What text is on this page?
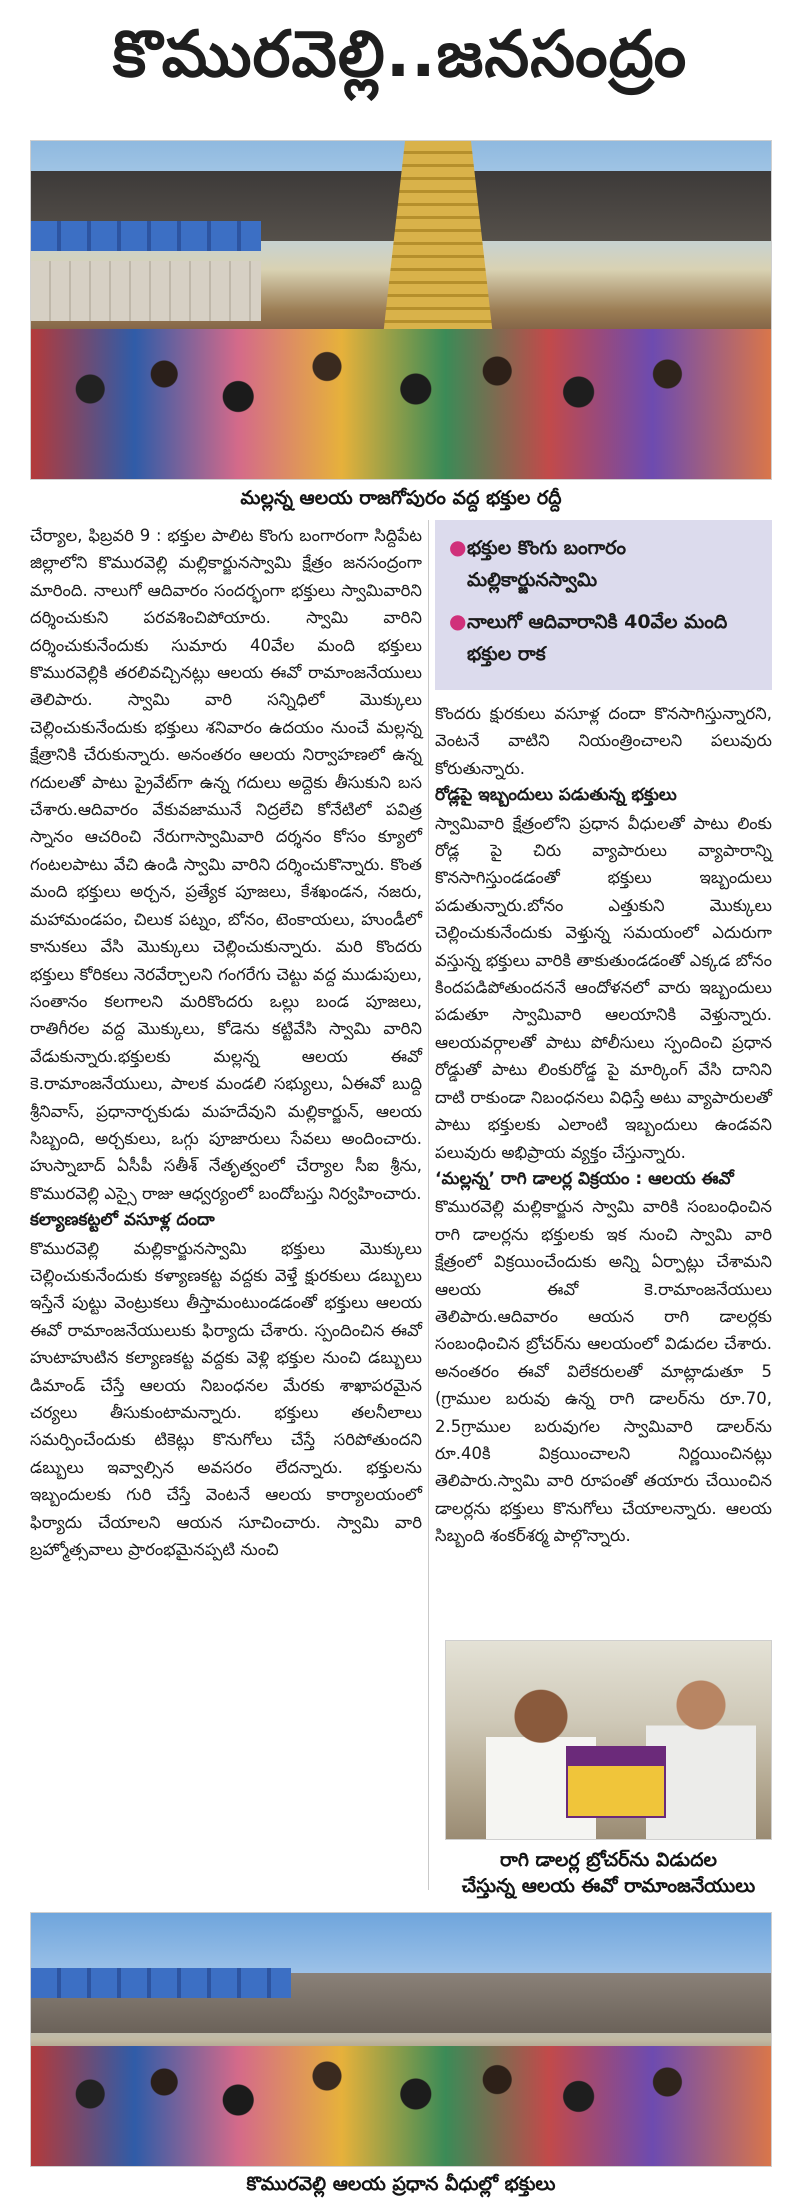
కొమురవెల్లి..జనసంద్రం
మల్లన్న ఆలయ రాజగోపురం వద్ద భక్తుల రద్దీ

చేర్యాల, ఫిబ్రవరి 9 : భక్తుల పాలిట కొంగు బంగారంగా సిద్దిపేట జిల్లాలోని కొమురవెల్లి మల్లికార్జునస్వామి క్షేత్రం జనసంద్రంగా మారింది. నాలుగో ఆదివారం సందర్భంగా భక్తులు స్వామివారిని దర్శించుకుని పరవశించిపోయారు. స్వామి వారిని దర్శించుకునేందుకు సుమారు 40వేల మంది భక్తులు కొమురవెల్లికి తరలివచ్చినట్లు ఆలయ ఈవో రామాంజనేయులు తెలిపారు. స్వామి వారి సన్నిధిలో మొక్కులు చెల్లించుకునేందుకు భక్తులు శనివారం ఉదయం నుంచే మల్లన్న క్షేత్రానికి చేరుకున్నారు. అనంతరం ఆలయ నిర్వాహణలో ఉన్న గదులతో పాటు ప్రైవేట్‌గా ఉన్న గదులు అద్దెకు తీసుకుని బస చేశారు.ఆదివారం వేకువజామునే నిద్రలేచి కోనేటిలో పవిత్ర స్నానం ఆచరించి నేరుగాస్వామివారి దర్శనం కోసం క్యూలో గంటలపాటు వేచి ఉండి స్వామి వారిని దర్శించుకొన్నారు. కొంత మంది భక్తులు అర్చన, ప్రత్యేక పూజలు, కేశఖండన, నజరు, మహామండపం, చిలుక పట్నం, బోనం, టెంకాయలు, హుండీలో కానుకలు వేసి మొక్కులు చెల్లించుకున్నారు. మరి కొందరు భక్తులు కోరికలు నెరవేర్చాలని గంగరేగు చెట్టు వద్ద ముడుపులు, సంతానం కలగాలని మరికొందరు ఒల్లు బండ పూజలు, రాతిగీరల వద్ద మొక్కులు, కోడెను కట్టివేసి స్వామి వారిని వేడుకున్నారు.భక్తులకు మల్లన్న ఆలయ ఈవో కె.రామాంజనేయులు, పాలక మండలి సభ్యులు, ఏఈవో బుద్ది శ్రీనివాస్, ప్రధానార్చకుడు మహదేవుని మల్లికార్జున్, ఆలయ సిబ్బంది, అర్చకులు, ఒగ్గు పూజారులు సేవలు అందించారు. హుస్నాబాద్ ఏసీపీ సతీశ్ నేతృత్వంలో చేర్యాల సీఐ శ్రీను, కొమురవెల్లి ఎస్సై రాజు ఆధ్వర్యంలో బందోబస్తు నిర్వహించారు.

కల్యాణకట్టలో వసూళ్ల దందా

కొమురవెల్లి మల్లికార్జునస్వామి భక్తులు మొక్కులు చెల్లించుకునేందుకు కళ్యాణకట్ట వద్దకు వెళ్తే క్షురకులు డబ్బులు ఇస్తేనే పుట్టు వెంట్రుకలు తీస్తామంటుండడంతో భక్తులు ఆలయ ఈవో రామాంజనేయులుకు ఫిర్యాదు చేశారు. స్పందించిన ఈవో హుటాహుటిన కల్యాణకట్ట వద్దకు వెళ్లి భక్తుల నుంచి డబ్బులు డిమాండ్ చేస్తే ఆలయ నిబంధనల మేరకు శాఖాపరమైన చర్యలు తీసుకుంటామన్నారు. భక్తులు తలనీలాలు సమర్పించేందుకు టికెట్లు కొనుగోలు చేస్తే సరిపోతుందని డబ్బులు ఇవ్వాల్సిన అవసరం లేదన్నారు. భక్తులను ఇబ్బందులకు గురి చేస్తే వెంటనే ఆలయ కార్యాలయంలో ఫిర్యాదు చేయాలని ఆయన సూచించారు. స్వామి వారి బ్రహ్మోత్సవాలు ప్రారంభమైనప్పటి నుంచి

● భక్తుల కొంగు బంగారం మల్లికార్జునస్వామి
● నాలుగో ఆదివారానికి 40వేల మంది భక్తుల రాక

కొందరు క్షురకులు వసూళ్ల దందా కొనసాగిస్తున్నారని, వెంటనే వాటిని నియంత్రించాలని పలువురు కోరుతున్నారు.

రోడ్లపై ఇబ్బందులు పడుతున్న భక్తులు

స్వామివారి క్షేత్రంలోని ప్రధాన వీధులతో పాటు లింకు రోడ్ల పై చిరు వ్యాపారులు వ్యాపారాన్ని కొనసాగిస్తుండడంతో భక్తులు ఇబ్బందులు పడుతున్నారు.బోనం ఎత్తుకుని మొక్కులు చెల్లించుకునేందుకు వెళ్తున్న సమయంలో ఎదురుగా వస్తున్న భక్తులు వారికి తాకుతుండడంతో ఎక్కడ బోనం కిందపడిపోతుందననే ఆందోళనలో వారు ఇబ్బందులు పడుతూ స్వామివారి ఆలయానికి వెళ్తున్నారు. ఆలయవర్గాలతో పాటు పోలీసులు స్పందించి ప్రధాన రోడ్డుతో పాటు లింకురోడ్డ పై మార్కింగ్ వేసి దానిని దాటి రాకుండా నిబంధనలు విధిస్తే అటు వ్యాపారులతో పాటు భక్తులకు ఎలాంటి ఇబ్బందులు ఉండవని పలువురు అభిప్రాయ వ్యక్తం చేస్తున్నారు.

‘మల్లన్న’ రాగి డాలర్ల విక్రయం : ఆలయ ఈవో

కొమురవెల్లి మల్లికార్జున స్వామి వారికి సంబంధించిన రాగి డాలర్లను భక్తులకు ఇక నుంచి స్వామి వారి క్షేత్రంలో విక్రయించేందుకు అన్ని ఏర్పాట్లు చేశామని ఆలయ ఈవో కె.రామాంజనేయులు తెలిపారు.ఆదివారం ఆయన రాగి డాలర్లకు సంబంధించిన బ్రోచర్‌ను ఆలయంలో విడుదల చేశారు. అనంతరం ఈవో విలేకరులతో మాట్లాడుతూ 5 (గ్రాముల బరువు ఉన్న రాగి డాలర్‌ను రూ.70, 2.5గ్రాముల బరువుగల స్వామివారి డాలర్‌ను రూ.40కి విక్రయించాలని నిర్ణయించినట్లు తెలిపారు.స్వామి వారి రూపంతో తయారు చేయించిన డాలర్లను భక్తులు కొనుగోలు చేయాలన్నారు. ఆలయ సిబ్బంది శంకర్‌శర్మ పాల్గొన్నారు.

రాగి డాలర్ల బ్రోచర్‌ను విడుదల
చేస్తున్న ఆలయ ఈవో రామాంజనేయులు
కొమురవెల్లి ఆలయ ప్రధాన వీధుల్లో భక్తులు
